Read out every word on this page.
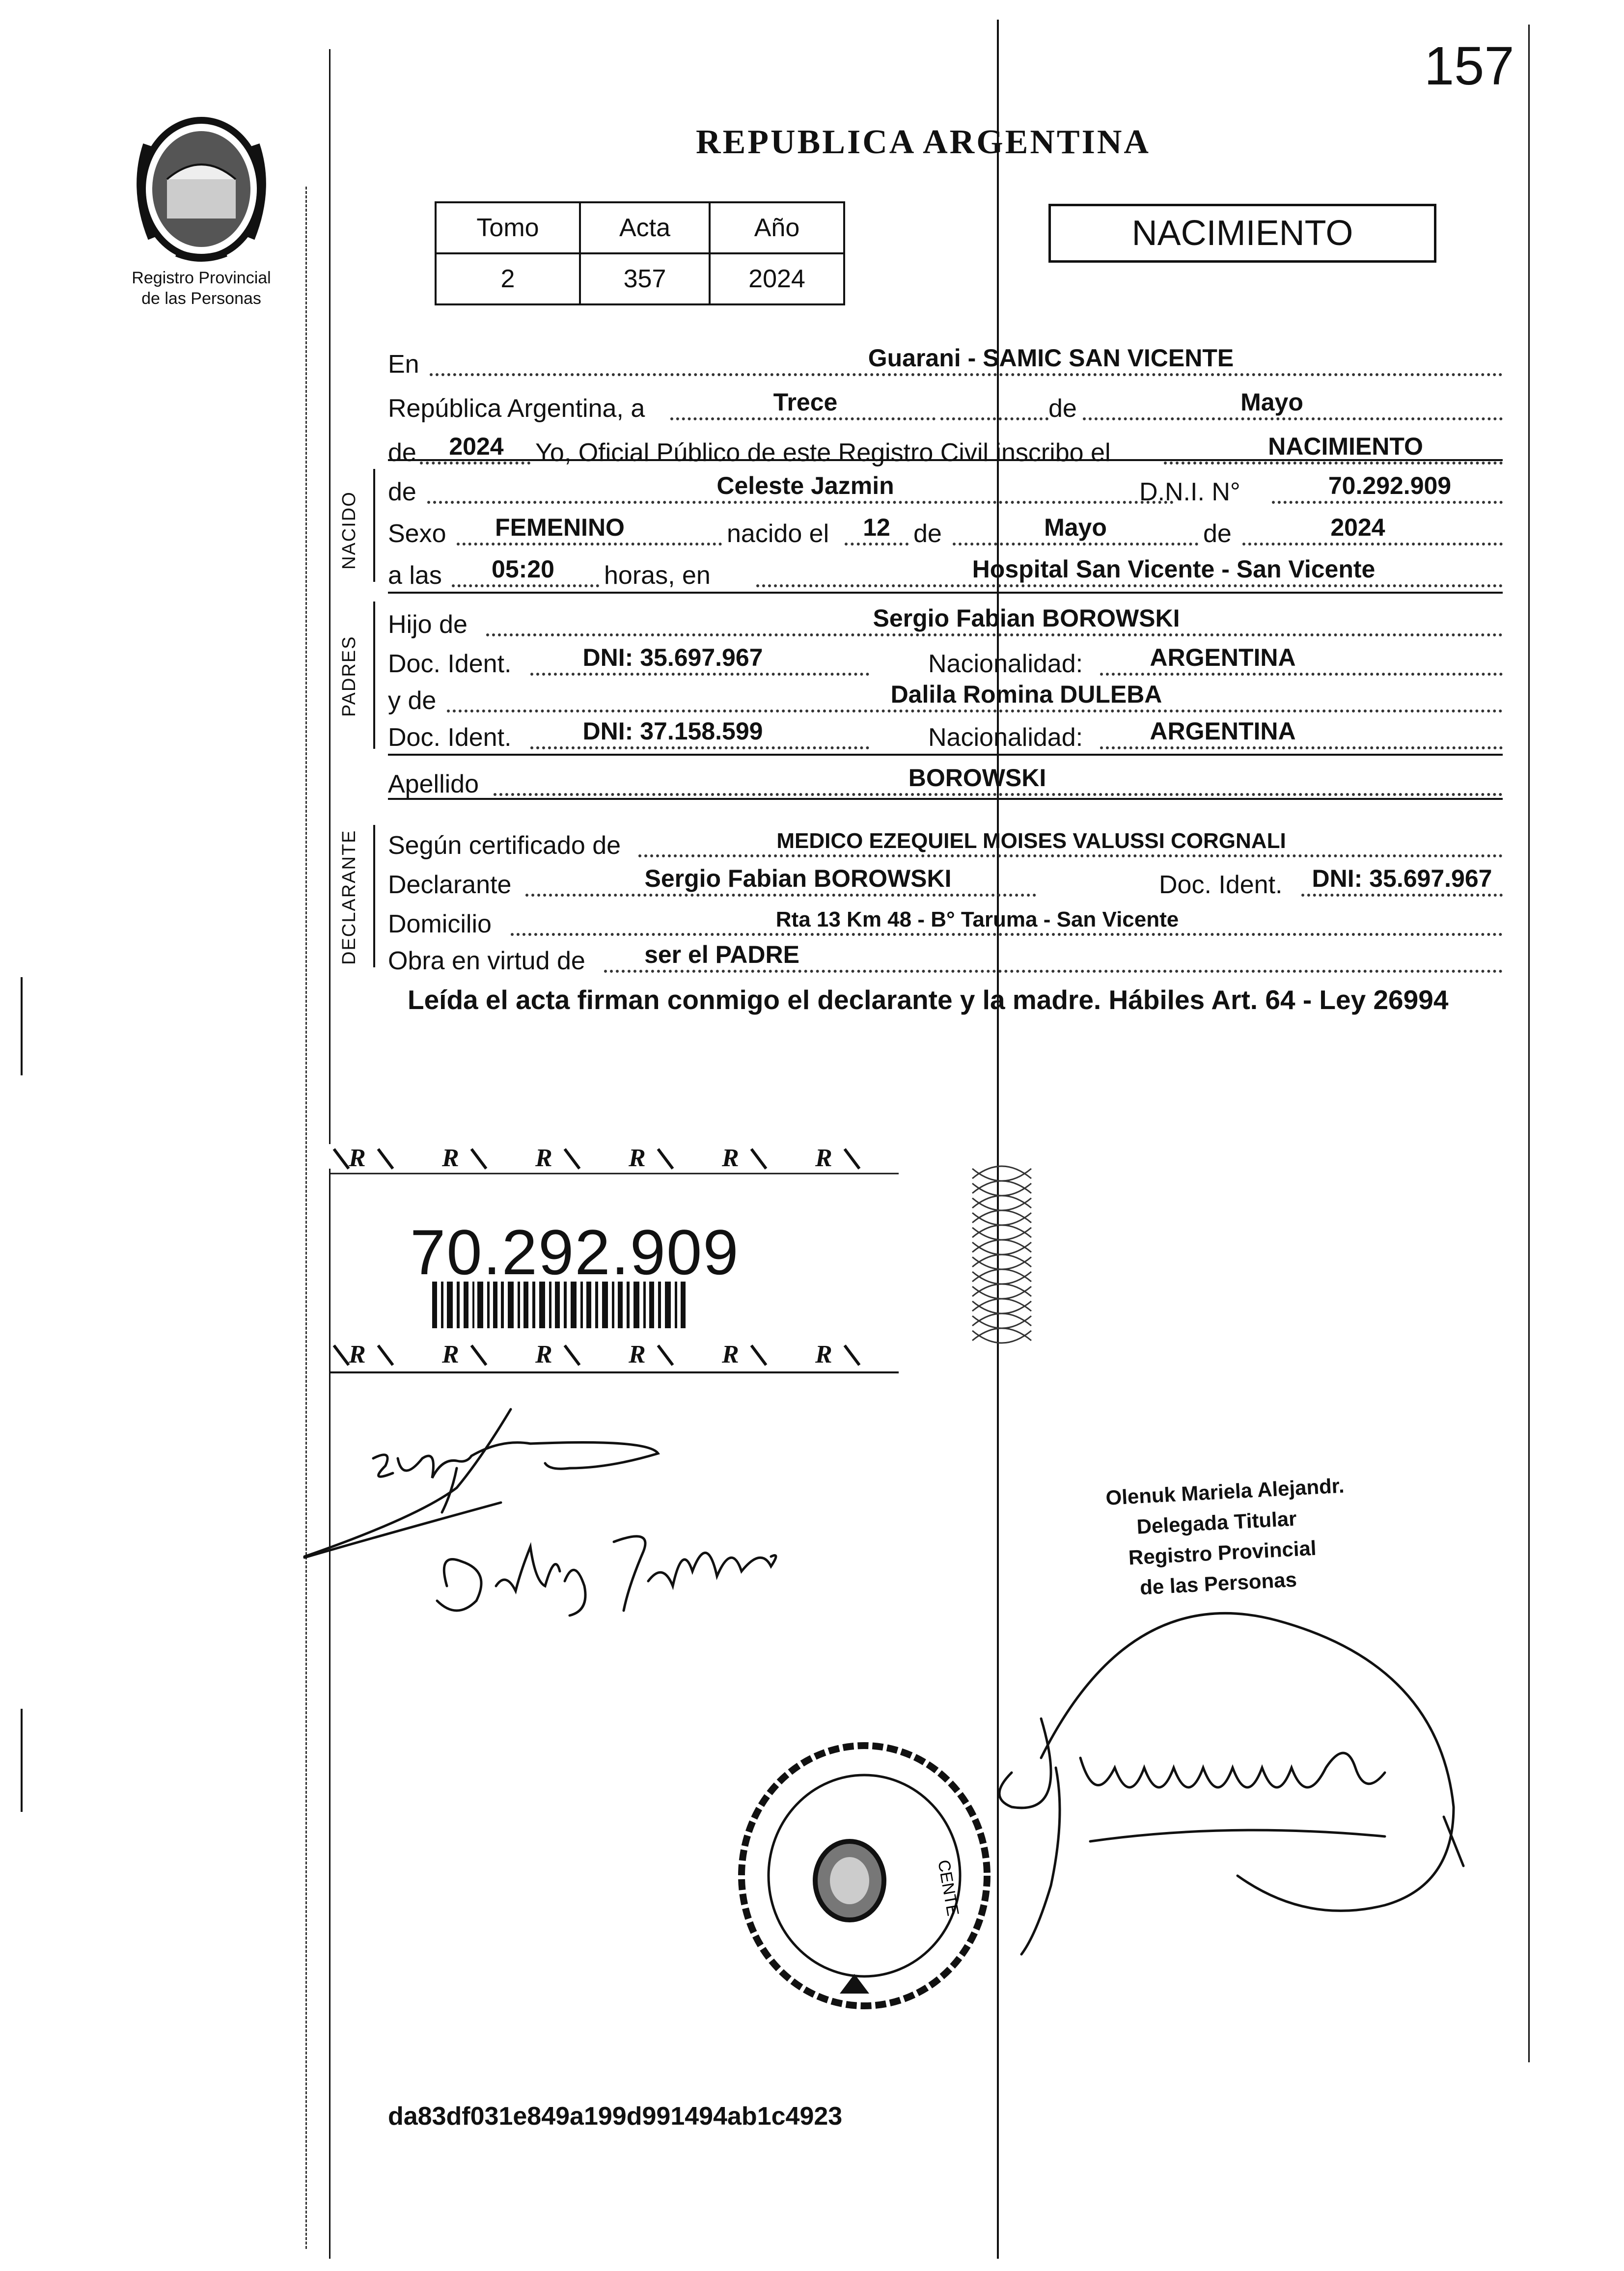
157
REPUBLICA ARGENTINA
Registro Provincial
de las Personas
Tomo	Acta	Año
2	357	2024
NACIMIENTO
En	Guarani - SAMIC SAN VICENTE
República Argentina, a	Trece	de	Mayo
de	2024	Yo, Oficial Público de este Registro Civil inscribo el	NACIMIENTO
NACIDO de	Celeste Jazmin	D.N.I. N°	70.292.909
Sexo	FEMENINO	nacido el	12 de	Mayo	de	2024
a las	05:20	horas, en	Hospital San Vicente - San Vicente
PADRES
Hijo de	Sergio Fabian BOROWSKI
Doc. Ident.	DNI: 35.697.967	Nacionalidad:	ARGENTINA
y de	Dalila Romina DULEBA
Doc. Ident.	DNI: 37.158.599	Nacionalidad:	ARGENTINA
Apellido	BOROWSKI
DECLARANTE Según certificado de	MEDICO EZEQUIEL MOISES VALUSSI CORGNALI
Declarante	Sergio Fabian BOROWSKI	Doc. Ident.	DNI: 35.697.967
Domicilio	Rta 13 Km 48 - B° Taruma - San Vicente
Obra en virtud de	ser el PADRE
Leída el acta firman conmigo el declarante y la madre. Hábiles Art. 64 - Ley 26994
R	R	R	R	R	R
R	R	R	R	R	R
70.292.909
CENTE
Olenuk Mariela Alejandr.
Delegada Titular
Registro Provincial
de las Personas
da83df031e849a199d991494ab1c4923
